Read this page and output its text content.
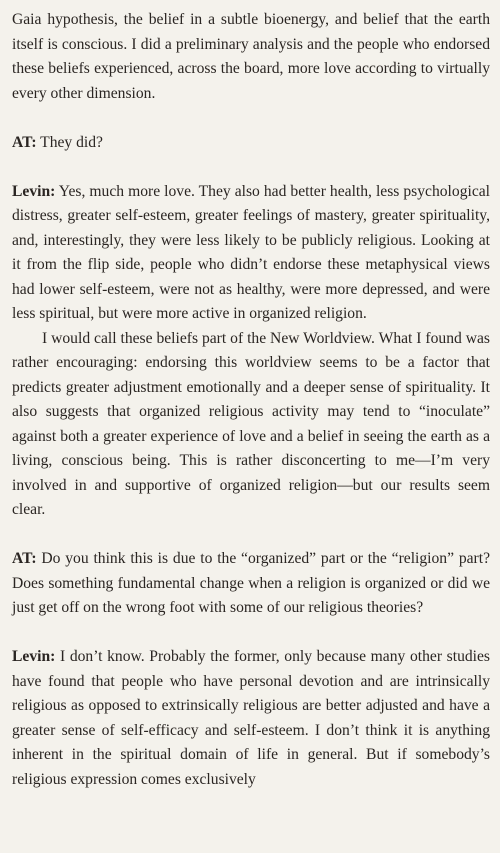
Gaia hypothesis, the belief in a subtle bioenergy, and belief that the earth itself is conscious. I did a preliminary analysis and the people who endorsed these beliefs experienced, across the board, more love according to virtually every other dimension.

AT: They did?

Levin: Yes, much more love. They also had better health, less psychological distress, greater self-esteem, greater feelings of mastery, greater spirituality, and, interestingly, they were less likely to be publicly religious. Looking at it from the flip side, people who didn’t endorse these metaphysical views had lower self-esteem, were not as healthy, were more depressed, and were less spiritual, but were more active in organized religion.

I would call these beliefs part of the New Worldview. What I found was rather encouraging: endorsing this worldview seems to be a factor that predicts greater adjustment emotionally and a deeper sense of spirituality. It also suggests that organized religious activity may tend to “inoculate” against both a greater experience of love and a belief in seeing the earth as a living, conscious being. This is rather disconcerting to me—I’m very involved in and supportive of organized religion—but our results seem clear.

AT: Do you think this is due to the “organized” part or the “religion” part? Does something fundamental change when a religion is organized or did we just get off on the wrong foot with some of our religious theories?

Levin: I don’t know. Probably the former, only because many other studies have found that people who have personal devotion and are intrinsically religious as opposed to extrinsically religious are better adjusted and have a greater sense of self-efficacy and self-esteem. I don’t think it is anything inherent in the spiritual domain of life in general. But if somebody’s religious expression comes exclusively
